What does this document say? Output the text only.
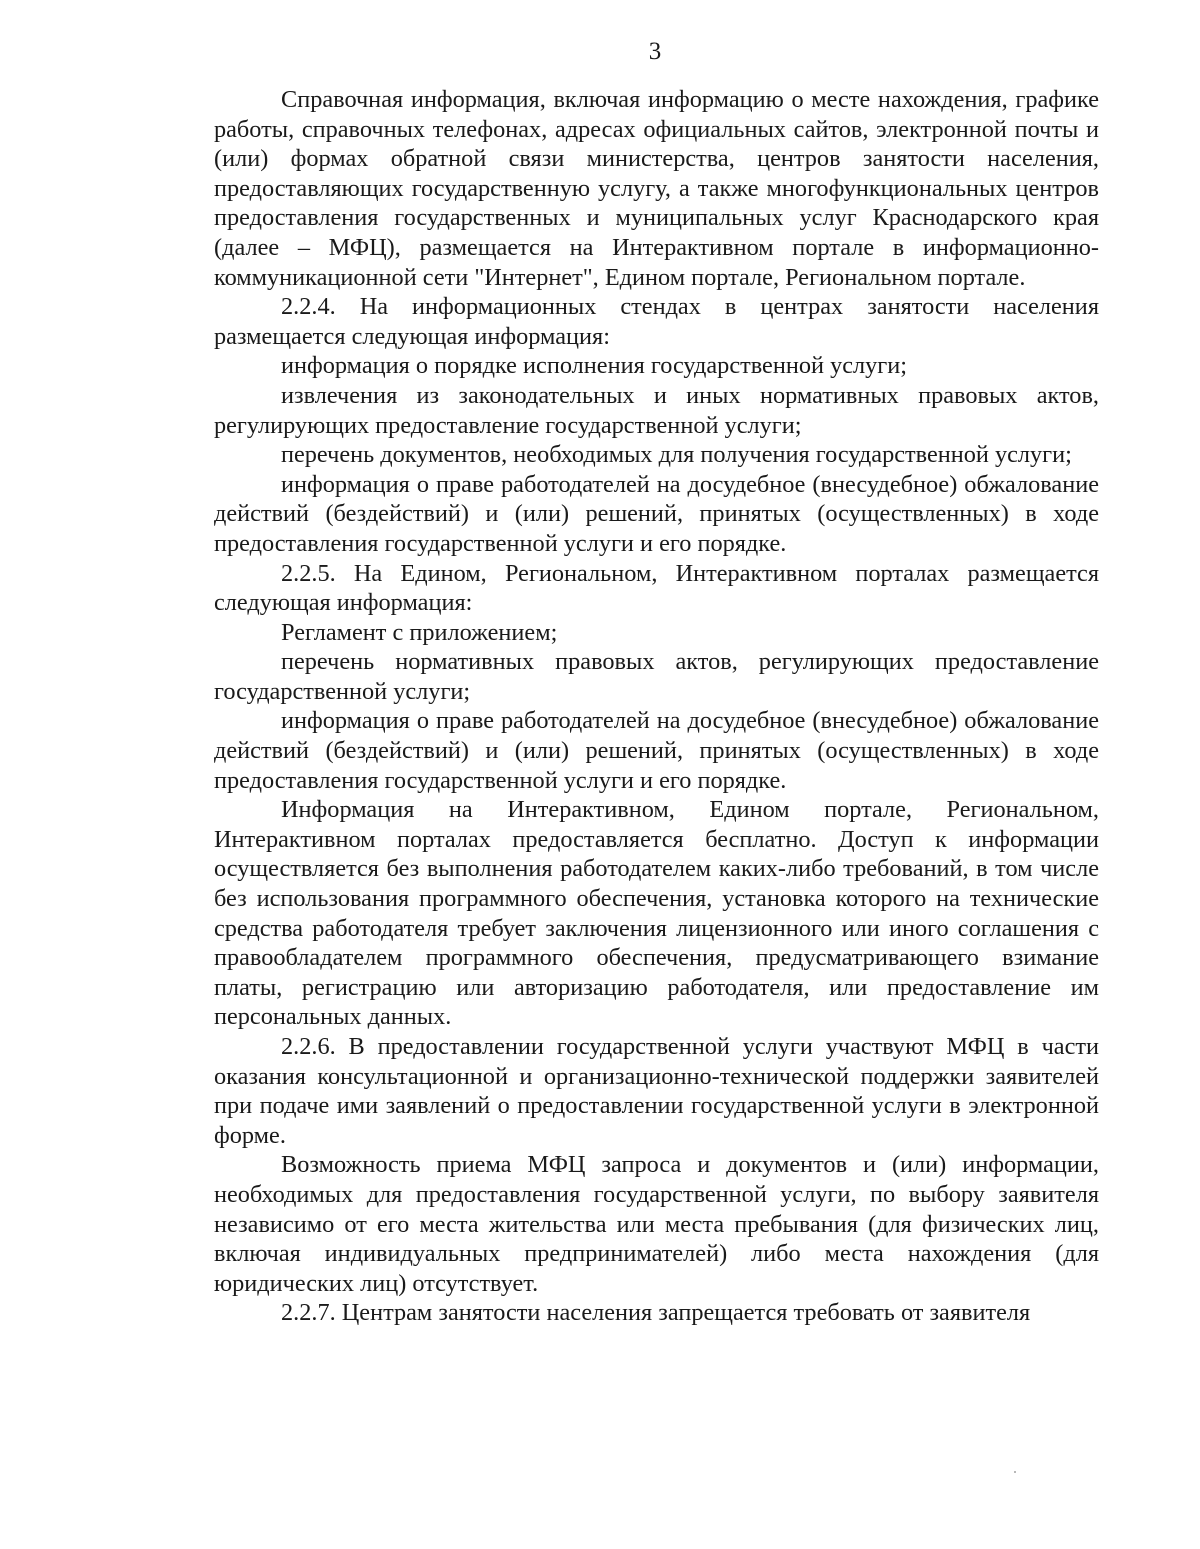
3

Справочная информация, включая информацию о месте нахождения, графике работы, справочных телефонах, адресах официальных сайтов, электронной почты и (или) формах обратной связи министерства, центров занятости населения, предоставляющих государственную услугу, а также многофункциональных центров предоставления государственных и муниципальных услуг Краснодарского края (далее – МФЦ), размещается на Интерактивном портале в информационно-коммуникационной сети "Интернет", Едином портале, Региональном портале.

2.2.4. На информационных стендах в центрах занятости населения размещается следующая информация:

информация о порядке исполнения государственной услуги;

извлечения из законодательных и иных нормативных правовых актов, регулирующих предоставление государственной услуги;

перечень документов, необходимых для получения государственной услуги;

информация о праве работодателей на досудебное (внесудебное) обжалование действий (бездействий) и (или) решений, принятых (осуществленных) в ходе предоставления государственной услуги и его порядке.

2.2.5. На Едином, Региональном, Интерактивном порталах размещается следующая информация:

Регламент с приложением;

перечень нормативных правовых актов, регулирующих предоставление государственной услуги;

информация о праве работодателей на досудебное (внесудебное) обжалование действий (бездействий) и (или) решений, принятых (осуществленных) в ходе предоставления государственной услуги и его порядке.

Информация на Интерактивном, Едином портале, Региональном, Интерактивном порталах предоставляется бесплатно. Доступ к информации осуществляется без выполнения работодателем каких-либо требований, в том числе без использования программного обеспечения, установка которого на технические средства работодателя требует заключения лицензионного или иного соглашения с правообладателем программного обеспечения, предусматривающего взимание платы, регистрацию или авторизацию работодателя, или предоставление им персональных данных.

2.2.6. В предоставлении государственной услуги участвуют МФЦ в части оказания консультационной и организационно-технической поддержки заявителей при подаче ими заявлений о предоставлении государственной услуги в электронной форме.

Возможность приема МФЦ запроса и документов и (или) информации, необходимых для предоставления государственной услуги, по выбору заявителя независимо от его места жительства или места пребывания (для физических лиц, включая индивидуальных предпринимателей) либо места нахождения (для юридических лиц) отсутствует.

2.2.7. Центрам занятости населения запрещается требовать от заявителя
